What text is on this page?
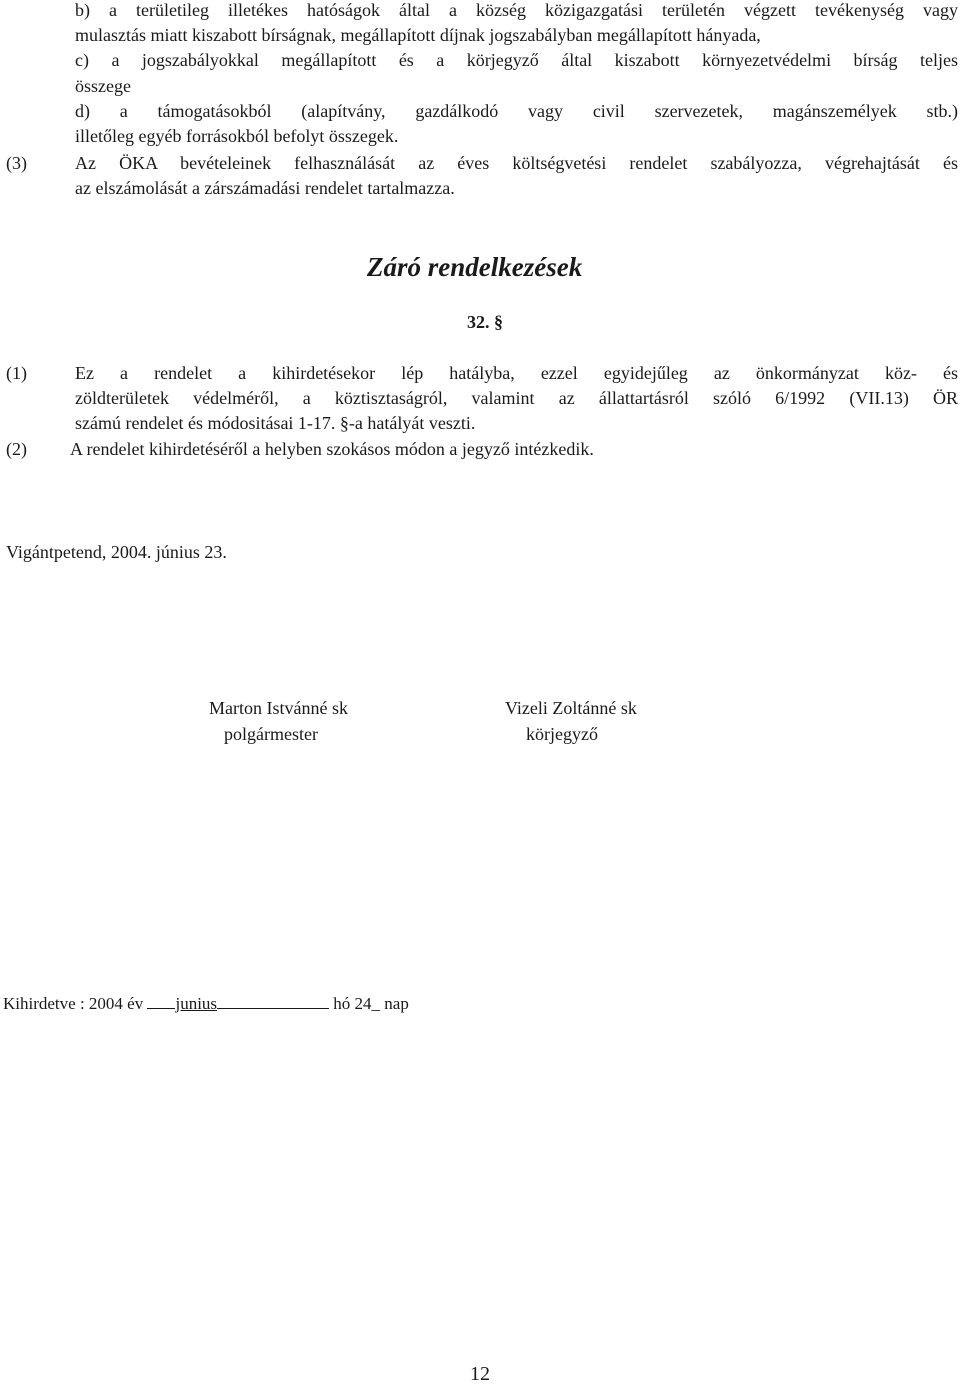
b) a területileg illetékes hatóságok által a község közigazgatási területén végzett tevékenység vagy
mulasztás miatt kiszabott bírságnak, megállapított díjnak jogszabályban megállapított hányada,
c) a jogszabályokkal megállapított és a körjegyző által kiszabott környezetvédelmi bírság teljes
összege
d) a támogatásokból (alapítvány, gazdálkodó vagy civil szervezetek, magánszemélyek stb.)
illetőleg egyéb forrásokból befolyt összegek.
(3)	Az ÖKA bevételeinek felhasználását az éves költségvetési rendelet szabályozza, végrehajtását és
az elszámolását a zárszámadási rendelet tartalmazza.
Záró rendelkezések
32. §
(1)	Ez a rendelet a kihirdetésekor lép hatályba, ezzel egyidejűleg az önkormányzat köz- és
zöldterületek védelméről, a köztisztaságról, valamint az állattartásról szóló 6/1992 (VII.13) ÖR
számú rendelet és módositásai 1-17. §-a hatályát veszti.
(2) A rendelet kihirdetéséről a helyben szokásos módon a jegyző intézkedik.
Vigántpetend, 2004. június 23.
Marton Istvánné sk
polgármester
Vizeli Zoltánné sk
körjegyző
Kihirdetve : 2004 év junius	hó 24_ nap
12
